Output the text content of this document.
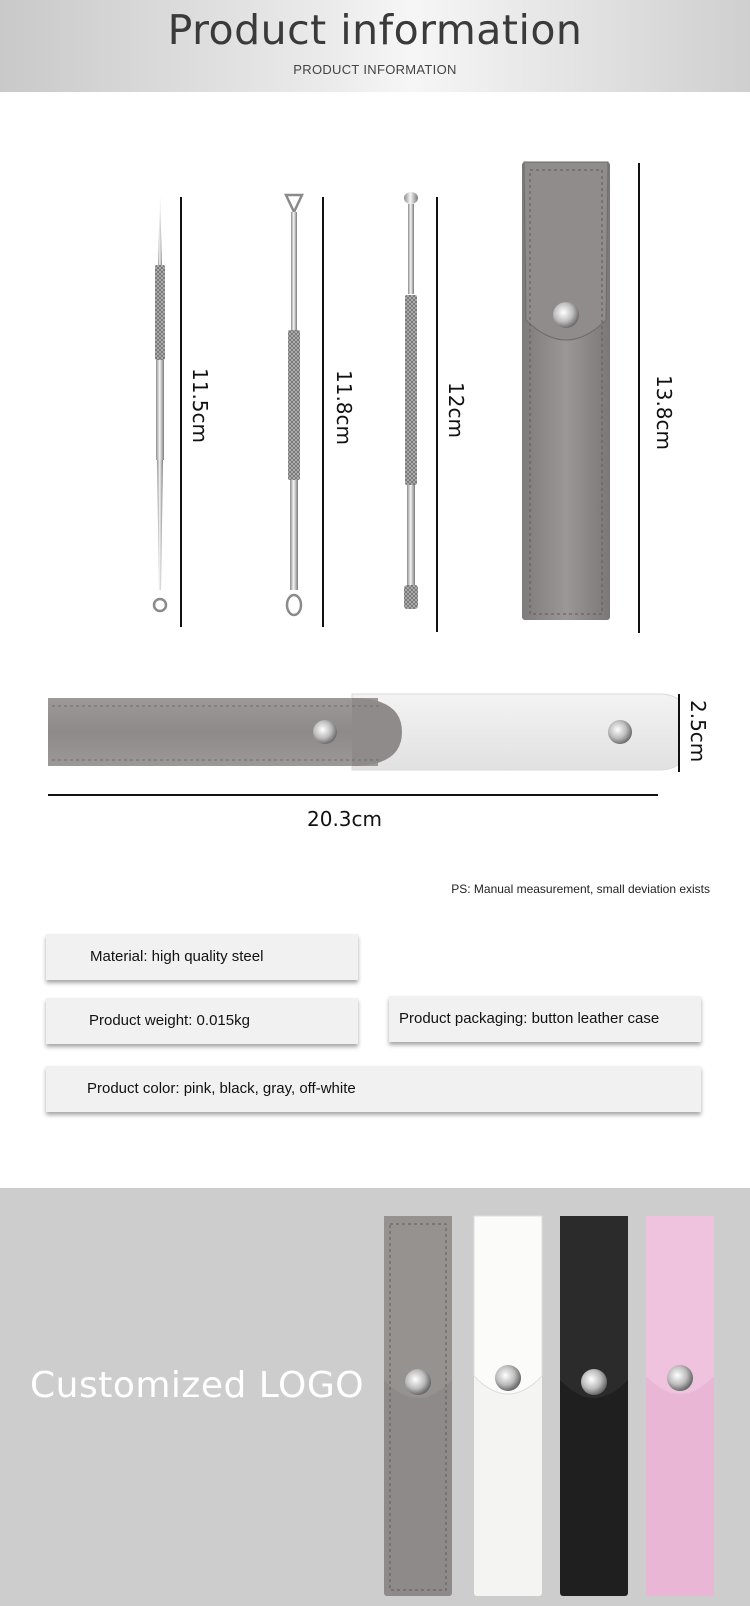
Product information
PRODUCT INFORMATION
11.5cm	11.8cm	12cm	13.8cm
20.3cm
2.5cm
PS: Manual measurement, small deviation exists
Material: high quality steel
Product weight: 0.015kg	Product packaging: button leather case
Product color: pink, black, gray, off-white
Customized LOGO
